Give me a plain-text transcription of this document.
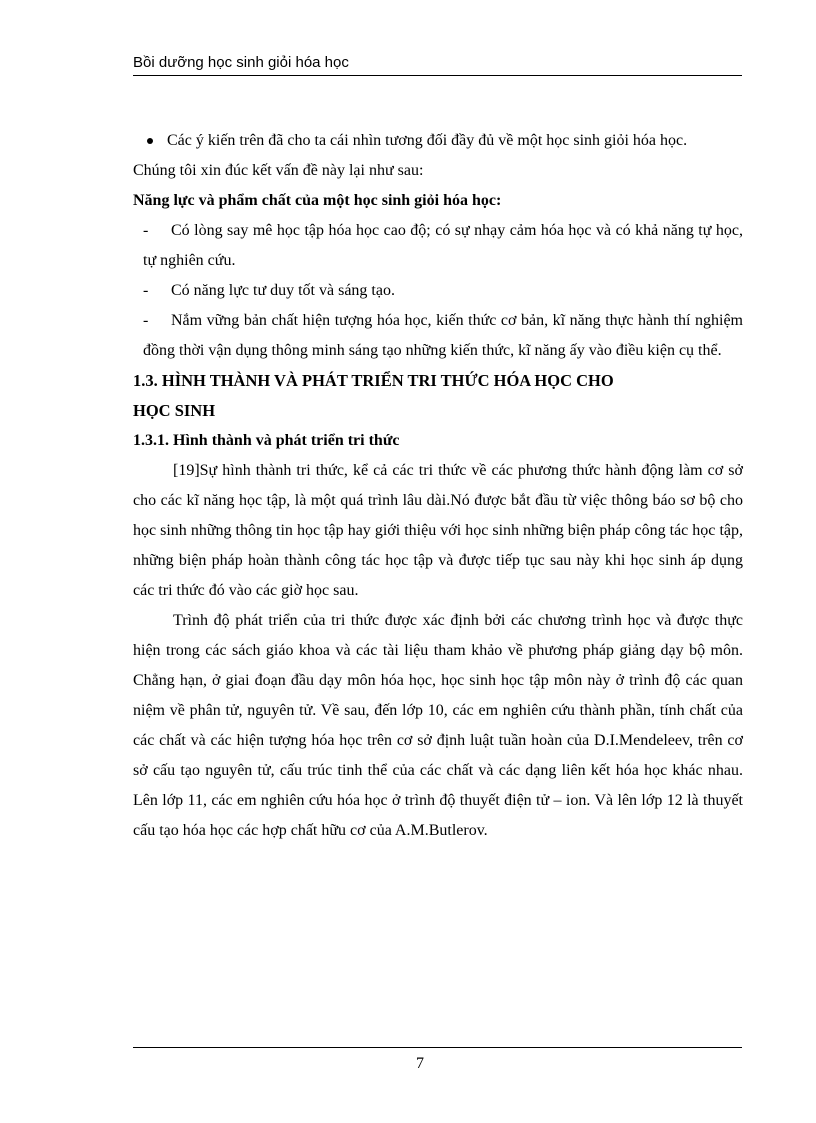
Bồi dưỡng học sinh giỏi hóa học

Các ý kiến trên đã cho ta cái nhìn tương đối đầy đủ về một học sinh giỏi hóa học.
Chúng tôi xin đúc kết vấn đề này lại như sau:

Năng lực và phẩm chất của một học sinh giỏi hóa học:

- Có lòng say mê học tập hóa học cao độ; có sự nhạy cảm hóa học và có khả năng tự học, tự nghiên cứu.

- Có năng lực tư duy tốt và sáng tạo.

- Nắm vững bản chất hiện tượng hóa học, kiến thức cơ bản, kĩ năng thực hành thí nghiệm đồng thời vận dụng thông minh sáng tạo những kiến thức, kĩ năng ấy vào điều kiện cụ thể.

1.3. HÌNH THÀNH VÀ PHÁT TRIỂN TRI THỨC HÓA HỌC CHO

HỌC SINH

1.3.1. Hình thành và phát triển tri thức

[19]Sự hình thành tri thức, kể cả các tri thức về các phương thức hành động làm cơ sở cho các kĩ năng học tập, là một quá trình lâu dài.Nó được bắt đầu từ việc thông báo sơ bộ cho học sinh những thông tin học tập hay giới thiệu với học sinh những biện pháp công tác học tập, những biện pháp hoàn thành công tác học tập và được tiếp tục sau này khi học sinh áp dụng các tri thức đó vào các giờ học sau.

Trình độ phát triển của tri thức được xác định bởi các chương trình học và được thực hiện trong các sách giáo khoa và các tài liệu tham khảo về phương pháp giảng dạy bộ môn. Chẳng hạn, ở giai đoạn đầu dạy môn hóa học, học sinh học tập môn này ở trình độ các quan niệm về phân tử, nguyên tử. Về sau, đến lớp 10, các em nghiên cứu thành phần, tính chất của các chất và các hiện tượng hóa học trên cơ sở định luật tuần hoàn của D.I.Mendeleev, trên cơ sở cấu tạo nguyên tử, cấu trúc tinh thể của các chất và các dạng liên kết hóa học khác nhau. Lên lớp 11, các em nghiên cứu hóa học ở trình độ thuyết điện tử – ion. Và lên lớp 12 là thuyết cấu tạo hóa học các hợp chất hữu cơ của A.M.Butlerov.

7
